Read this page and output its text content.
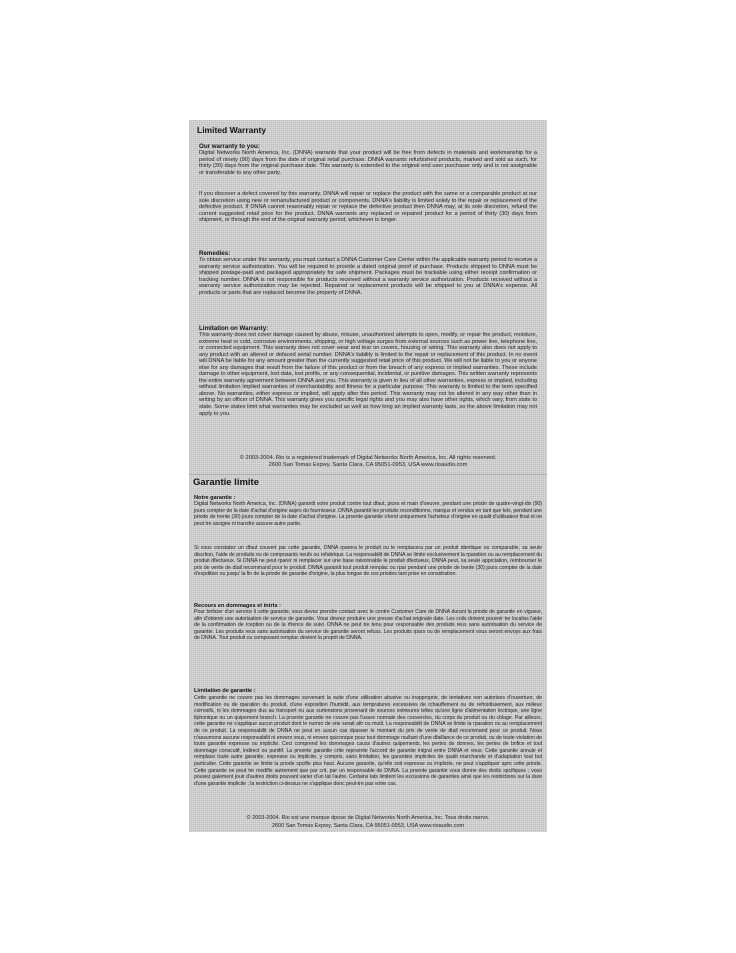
Limited Warranty
Our warranty to you:

Digital Networks North America, Inc. (DNNA) warrants that your product will be free from defects in materials and workmanship for a period of ninety (90) days from the date of original retail purchase. DNNA warrants refurbished products, marked and sold as such, for thirty (30) days from the original purchase date. This warranty is extended to the original end user purchaser only and is not assignable or transferable to any other party.

If you discover a defect covered by this warranty, DNNA will repair or replace the product with the same or a comparable product at our sole discretion using new or remanufactured product or components. DNNA's liability is limited solely to the repair or replacement of the defective product. If DNNA cannot reasonably repair or replace the defective product then DNNA may, at its sole discretion, refund the current suggested retail price for the product. DNNA warrants any replaced or repaired product for a period of thirty (30) days from shipment, or through the end of the original warranty period, whichever is longer.

Remedies:

To obtain service under this warranty, you must contact a DNNA Customer Care Center within the applicable warranty period to receive a warranty service authorization. You will be required to provide a dated original proof of purchase. Products shipped to DNNA must be shipped postage-paid and packaged appropriately for safe shipment. Packages must be trackable using either receipt confirmation or tracking number. DNNA is not responsible for products received without a warranty service authorization. Products received without a warranty service authorization may be rejected. Repaired or replacement products will be shipped to you at DNNA's expense. All products or parts that are replaced become the property of DNNA.

Limitation on Warranty:

This warranty does not cover damage caused by abuse, misuse, unauthorized attempts to open, modify, or repair the product, moisture, extreme heat or cold, corrosive environments, shipping, or high voltage surges from external sources such as power line, telephone line, or connected equipment. This warranty does not cover wear and tear on covers, housing or wiring. This warranty also does not apply to any product with an altered or defaced serial number. DNNA's liability is limited to the repair or replacement of this product. In no event will DNNA be liable for any amount greater than the currently suggested retail price of this product. We will not be liable to you or anyone else for any damages that result from the failure of this product or from the breach of any express or implied warranties. These include damage to other equipment, lost data, lost profits, or any consequential, incidental, or punitive damages. This written warranty represents the entire warranty agreement between DNNA and you. This warranty is given in lieu of all other warranties, express or implied, including without limitation implied warranties of merchantability and fitness for a particular purpose. This warranty is limited to the term specified above. No warranties, either express or implied, will apply after this period. This warranty may not be altered in any way other than in writing by an officer of DNNA. This warranty gives you specific legal rights and you may also have other rights, which vary, from state to state. Some states limit what warranties may be excluded as well as how long an implied warranty lasts, so the above limitation may not apply to you.

© 2003-2004. Rio is a registered trademark of Digital Networks North America, Inc. All rights reserved.
2600 San Tomas Expwy, Santa Clara, CA 95051-0953, USA www.rioaudio.com
Garantie limite
Notre garantie :

Digital Networks North America, Inc. (DNNA) garantit votre produit contre tout dfaut, pices et main d'oeuvre, pendant une priode de quatre-vingt-dix (90) jours compter de la date d'achat d'origine auprs du fournisseur. DNNA garantit les produits reconditionns, marqus et vendus en tant que tels, pendant une priode de trente (30) jours compter de la date d'achat d'origine. La prsente garantie s'tend uniquement l'acheteur d'origine en qualit d'utilisateur final et ne peut tre assigne ni transfre aucune autre partie.

Si vous constatez un dfaut couvert par cette garantie, DNNA rparera le produit ou le remplacera par un produit identique ou comparable, sa seule discrtion, l'aide de produits ou de composants neufs ou refabriqus. La responsabilit de DNNA se limite exclusivement la rparation ou au remplacement du produit dfectueux. Si DNNA ne peut rparer ni remplacer sur une base raisonnable le produit dfectueux, DNNA peut, sa seule apprciation, rembourser le prix de vente de dtail recommand pour le produit. DNNA garantit tout produit remplac ou rpar pendant une priode de trente (30) jours compter de la date d'expdition ou jusqu' la fin de la priode de garantie d'origine, la plus longue de ces priodes tant prise en considration.

Recours en dommages et intrts :

Pour bnficier d'un service li cette garantie, vous devez prendre contact avec le centre Customer Care de DNNA durant la priode de garantie en vigueur, afin d'obtenir une autorisation de service de garantie. Vous devrez produire une preuve d'achat originale date. Les colis doivent pouvoir tre localiss l'aide de la confirmation de rception ou de la rfrence de suivi. DNNA ne peut tre tenu pour responsable des produits reus sans autorisation du service de garantie. Les produits reus sans autorisation du service de garantie seront refuss. Les produits rpars ou de remplacement vous seront envoys aux frais de DNNA. Tout produit ou composant remplac devient la proprit de DNNA.

Limitation de garantie :

Cette garantie ne couvre pas les dommages survenant la suite d'une utilisation abusive ou inapproprie, de tentatives non autorises d'ouverture, de modification ou de rparation du produit, d'une exposition l'humidit, aux tempratures excessives de rchauffement ou de refroidissement, aux milieux corrosifs, ni les dommages dus au transport ou aux surtensions provenant de sources extrieures telles qu'une ligne d'alimentation lectrique, une ligne tlphonique ou un quipement branch. La prsente garantie ne couvre pas l'usure normale des couvercles, du corps du produit ou du cblage. Par ailleurs, cette garantie ne s'applique aucun produit dont le numro de srie serait altr ou mutil. La responsabilit de DNNA se limite la rparation ou au remplacement de ce produit. La responsabilit de DNNA ne peut en aucun cas dpasser le montant du prix de vente de dtail recommand pour ce produit. Nous n'assumons aucune responsabilit ni envers vous, ni envers quiconque pour tout dommage rsultant d'une dfaillance de ce produit, ou de toute violation de toute garantie expresse ou implicite. Ceci comprend les dommages causs d'autres quipements, les pertes de donnes, les pertes de bnfice et tout dommage conscutif, indirect ou punitif. La prsente garantie crite reprsente l'accord de garantie intgral entre DNNA et vous. Cette garantie annule et remplace toute autre garantie, expresse ou implicite, y compris, sans limitation, les garanties implicites de qualit marchande et d'adaptation tout but particulier. Cette garantie se limite la priode spcifie plus haut. Aucune garantie, qu'elle soit expresse ou implicite, ne peut s'appliquer aprs cette priode. Cette garantie ne peut tre modifie autrement que par crit, par un responsable de DNNA. La prsente garantie vous donne des droits spcifiques ; vous pouvez galement jouir d'autres droits pouvant varier d'un tat l'autre. Certains tats limitent les exclusions de garanties ainsi que les restrictions sur la dure d'une garantie implicite ; la restriction ci-dessus ne s'applique donc peut-tre pas votre cas.

© 2003-2004. Rio est une marque dpose de Digital Networks North America, Inc. Tous droits rservs.
2600 San Tomas Expwy, Santa Clara, CA 95051-0953, USA www.rioaudio.com
